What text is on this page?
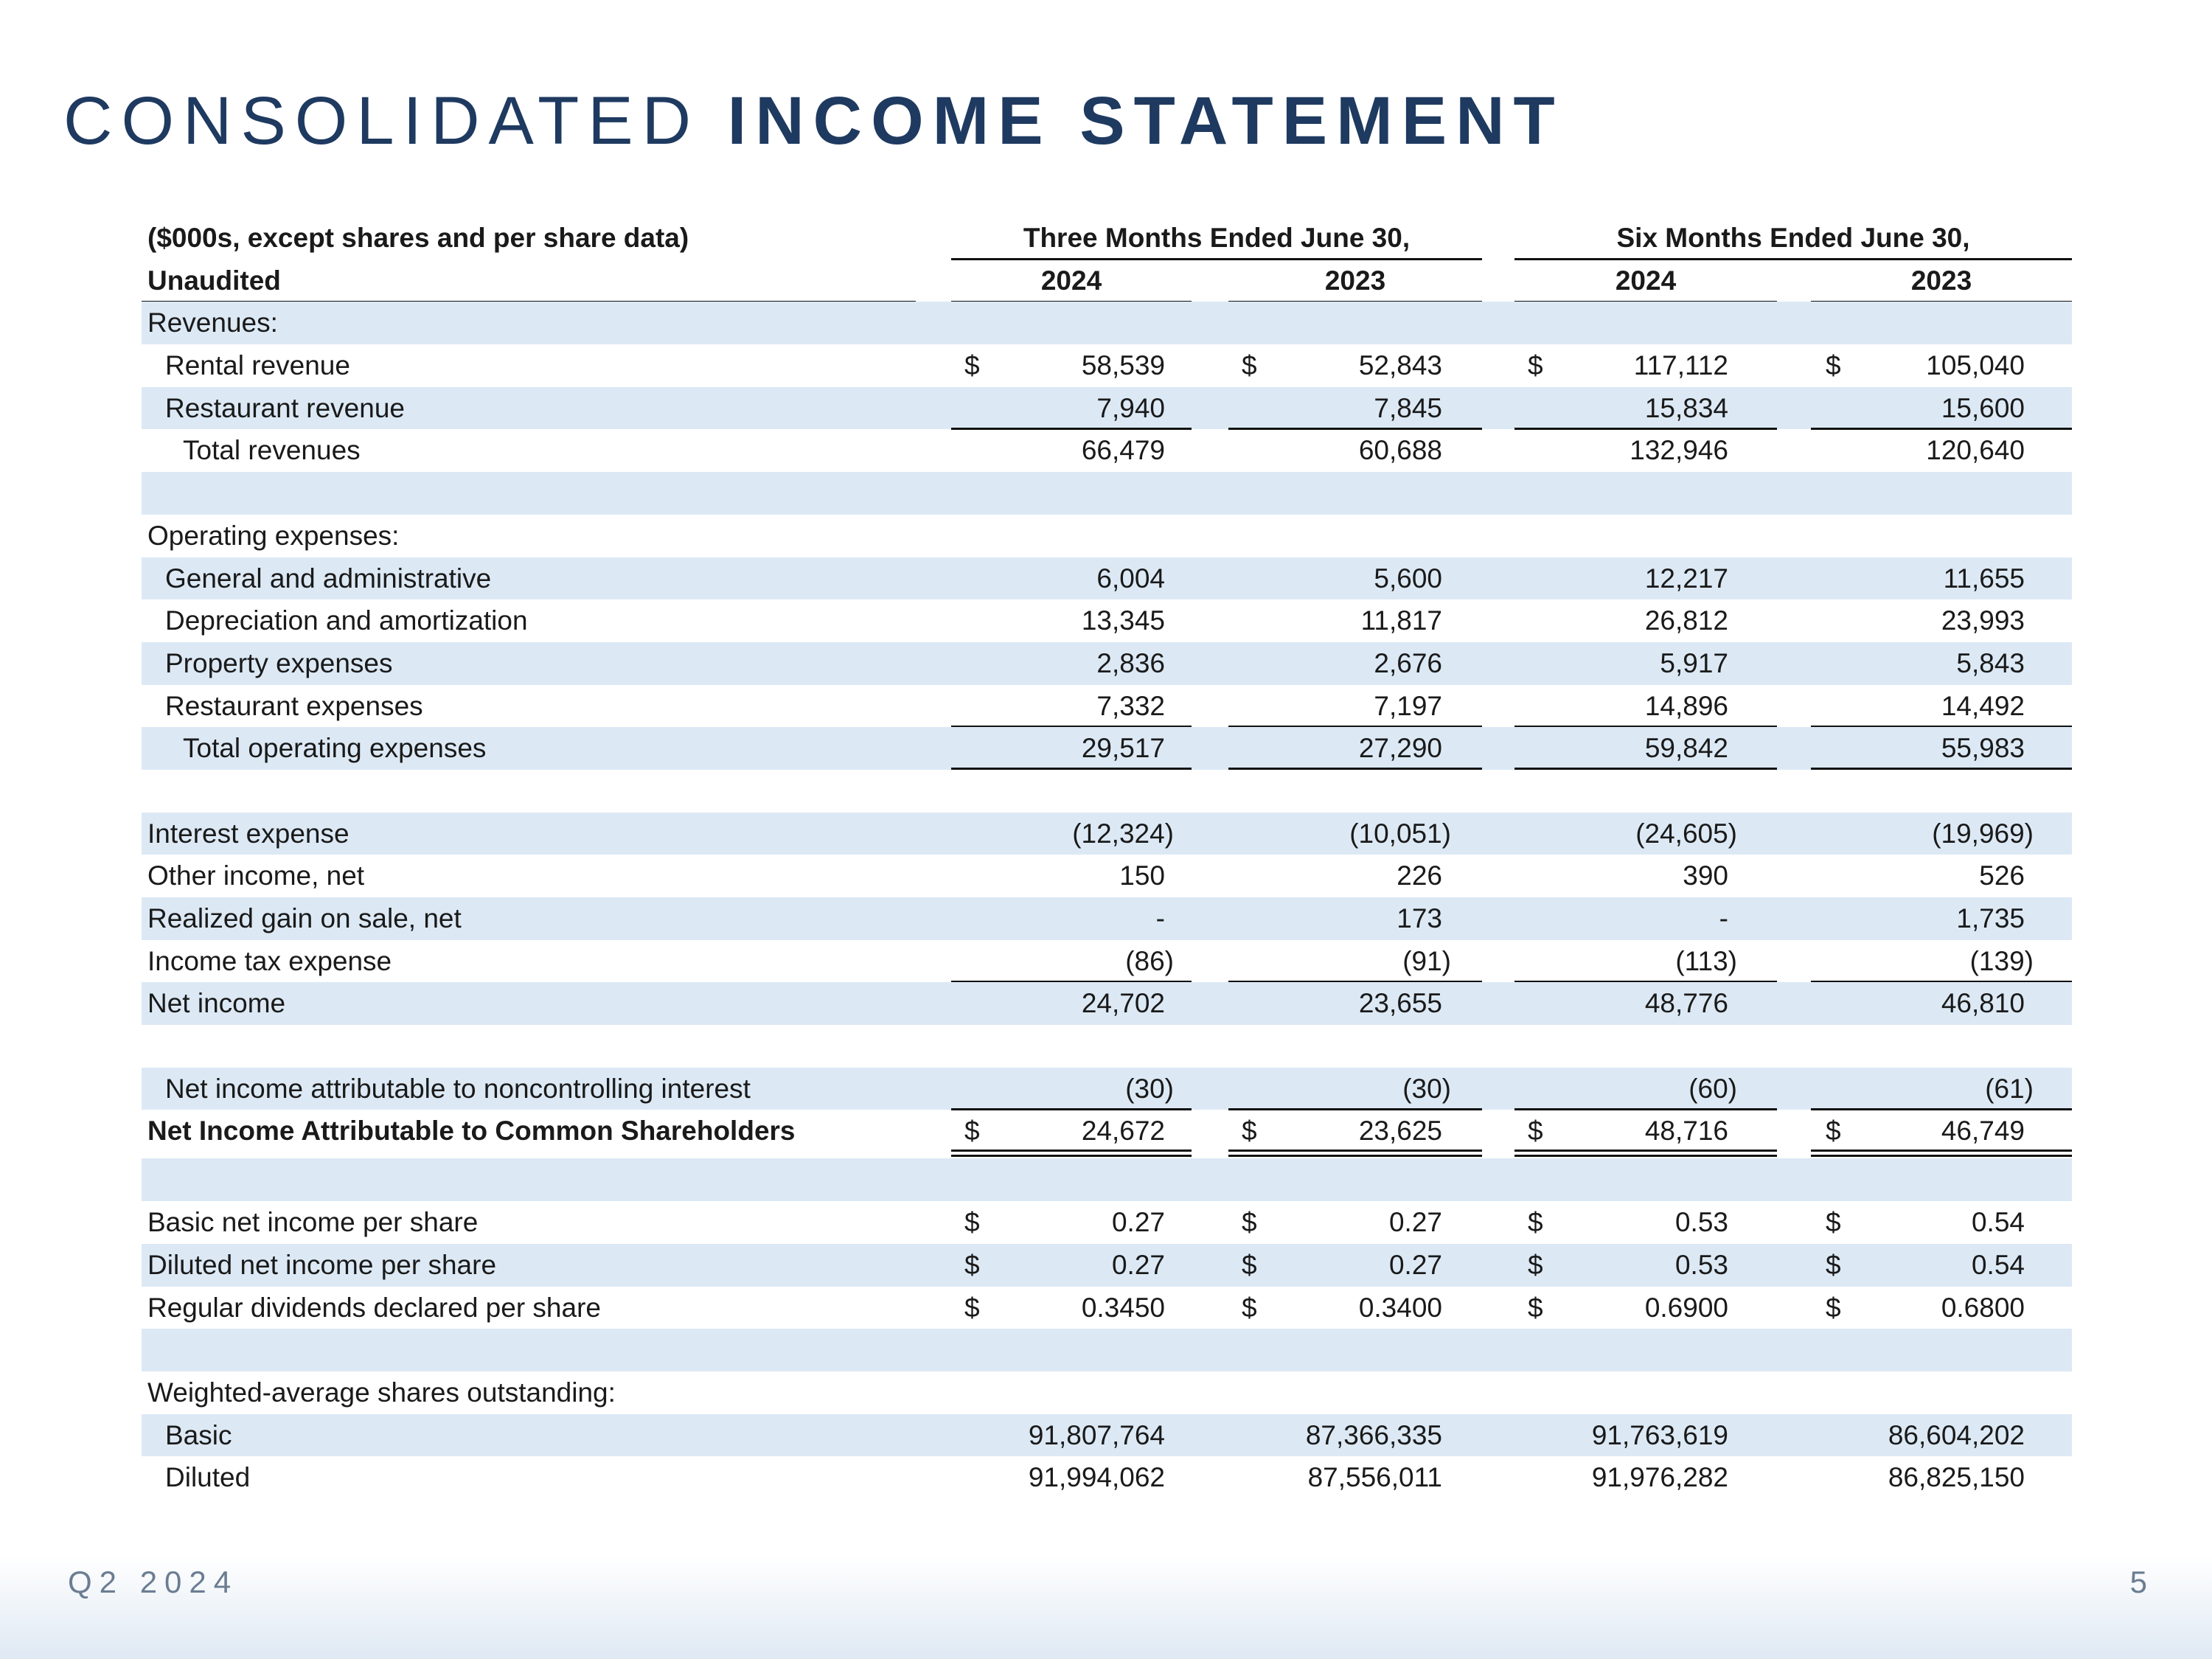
CONSOLIDATED INCOME STATEMENT
($000s, except shares and per share data)	Three Months Ended June 30,	Six Months Ended June 30,
Unaudited	2024	2023	2024	2023
Revenues:
Rental revenue	$	58,539	$	52,843	$	117,112	$	105,040
Restaurant revenue	7,940	7,845	15,834	15,600
Total revenues	66,479	60,688	132,946	120,640
Operating expenses:
General and administrative	6,004	5,600	12,217	11,655
Depreciation and amortization	13,345	11,817	26,812	23,993
Property expenses	2,836	2,676	5,917	5,843
Restaurant expenses	7,332	7,197	14,896	14,492
Total operating expenses	29,517	27,290	59,842	55,983
Interest expense	(12,324)	(10,051)	(24,605)	(19,969)
Other income, net	150	226	390	526
Realized gain on sale, net	-	173	-	1,735
Income tax expense	(86)	(91)	(113)	(139)
Net income	24,702	23,655	48,776	46,810
Net income attributable to noncontrolling interest	(30)	(30)	(60)	(61)
Net Income Attributable to Common Shareholders	$	24,672	$	23,625	$	48,716	$	46,749
Basic net income per share	$	0.27	$	0.27	$	0.53	$	0.54
Diluted net income per share	$	0.27	$	0.27	$	0.53	$	0.54
Regular dividends declared per share	$	0.3450	$	0.3400	$	0.6900	$	0.6800
Weighted-average shares outstanding:
Basic	91,807,764	87,366,335	91,763,619	86,604,202
Diluted	91,994,062	87,556,011	91,976,282	86,825,150
Q2 2024	5
